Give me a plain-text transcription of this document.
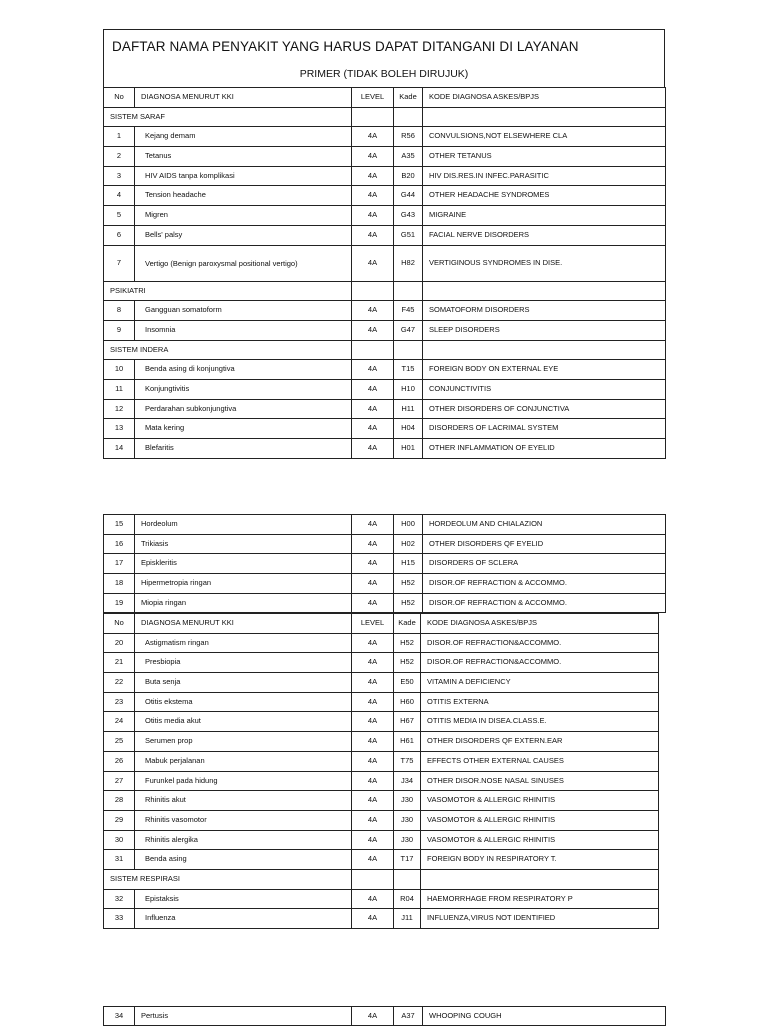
DAFTAR NAMA PENYAKIT YANG HARUS DAPAT DITANGANI DI LAYANAN
PRIMER (TIDAK BOLEH DIRUJUK)
No	DIAGNOSA MENURUT KKI	LEVEL	Kade	KODE DIAGNOSA ASKES/BPJS
SISTEM SARAF				
1	Kejang demam	4A	R56	CONVULSIONS,NOT ELSEWHERE CLA
2	Tetanus	4A	A35	OTHER TETANUS
3	HIV AIDS tanpa komplikasi	4A	B20	HIV DIS.RES.IN INFEC.PARASITIC
4	Tension headache	4A	G44	OTHER HEADACHE SYNDROMES
5	Migren	4A	G43	MIGRAINE
6	Bells' palsy	4A	G51	FACIAL NERVE DISORDERS
7	Vertigo (Benign paroxysmal positional vertigo)	4A	H82	VERTIGINOUS SYNDROMES IN DISE.
PSIKIATRI				
8	Gangguan somatoform	4A	F45	SOMATOFORM DISORDERS
9	Insomnia	4A	G47	SLEEP DISORDERS
SISTEM INDERA				
10	Benda asing di konjungtiva	4A	T15	FOREIGN BODY ON EXTERNAL EYE
11	Konjungtivitis	4A	H10	CONJUNCTIVITIS
12	Perdarahan subkonjungtiva	4A	H11	OTHER DISORDERS OF CONJUNCTIVA
13	Mata kering	4A	H04	DISORDERS OF LACRIMAL SYSTEM
14	Blefaritis	4A	H01	OTHER INFLAMMATION OF EYELID
15	Hordeolum	4A	H00	HORDEOLUM AND CHIALAZION
16	Trikiasis	4A	H02	OTHER DISORDERS QF EYELID
17	Episkleritis	4A	H15	DISORDERS OF SCLERA
18	Hipermetropia ringan	4A	H52	DISOR.OF REFRACTION & ACCOMMO.
19	Miopia ringan	4A	H52	DISOR.OF REFRACTION & ACCOMMO.
No	DIAGNOSA MENURUT KKI	LEVEL	Kade	KODE DIAGNOSA ASKES/BPJS
20	Astigmatism ringan	4A	H52	DISOR.OF REFRACTION&ACCOMMO.
21	Presbiopia	4A	H52	DISOR.OF REFRACTION&ACCOMMO.
22	Buta senja	4A	E50	VITAMIN A DEFICIENCY
23	Otitis ekstema	4A	H60	OTITIS EXTERNA
24	Otitis media akut	4A	H67	OTITIS MEDIA IN DISEA.CLASS.E.
25	Serumen prop	4A	H61	OTHER DISORDERS QF EXTERN.EAR
26	Mabuk perjalanan	4A	T75	EFFECTS OTHER EXTERNAL CAUSES
27	Furunkel pada hidung	4A	J34	OTHER DISOR.NOSE NASAL SINUSES
28	Rhinitis akut	4A	J30	VASOMOTOR & ALLERGIC RHINITIS
29	Rhinitis vasomotor	4A	J30	VASOMOTOR & ALLERGIC RHINITIS
30	Rhinitis alergika	4A	J30	VASOMOTOR & ALLERGIC RHINITIS
31	Benda asing	4A	T17	FOREIGN BODY IN RESPIRATORY T.
SISTEM RESPIRASI				
32	Epistaksis	4A	R04	HAEMORRHAGE FROM RESPIRATORY P
33	Influenza	4A	J11	INFLUENZA,VIRUS NOT IDENTIFIED
34	Pertusis	4A	A37	WHOOPING COUGH
